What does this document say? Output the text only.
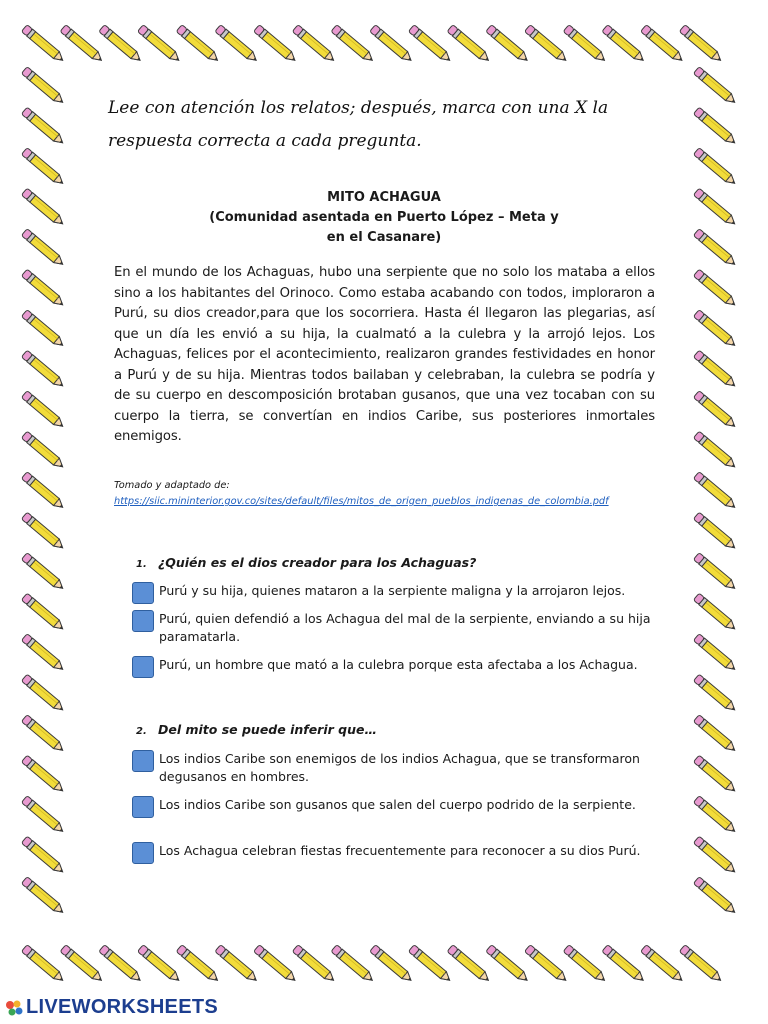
Lee con atención los relatos; después, marca con una X la
respuesta correcta a cada pregunta.
MITO ACHAGUA
(Comunidad asentada en Puerto López – Meta y
en el Casanare)
En el mundo de los Achaguas, hubo una serpiente que no solo los mataba a ellos sino a los habitantes del Orinoco. Como estaba acabando con todos, imploraron a Purú, su dios creador,para que los socorriera. Hasta él llegaron las plegarias, así que un día les envió a su hija, la cualmató a la culebra y la arrojó lejos. Los Achaguas, felices por el acontecimiento, realizaron grandes festividades en honor a Purú y de su hija. Mientras todos bailaban y celebraban, la culebra se podría y de su cuerpo en descomposición brotaban gusanos, que una vez tocaban con su cuerpo la tierra, se convertían en indios Caribe, sus posteriores inmortales enemigos.
Tomado y adaptado de:
https://siic.mininterior.gov.co/sites/default/files/mitos_de_origen_pueblos_indigenas_de_colombia.pdf
1. ¿Quién es el dios creador para los Achaguas?
Purú y su hija, quienes mataron a la serpiente maligna y la arrojaron lejos.
Purú, quien defendió a los Achagua del mal de la serpiente, enviando a su hija paramatarla.
Purú, un hombre que mató a la culebra porque esta afectaba a los Achagua.
2. Del mito se puede inferir que…
Los indios Caribe son enemigos de los indios Achagua, que se transformaron degusanos en hombres.
Los indios Caribe son gusanos que salen del cuerpo podrido de la serpiente.
Los Achagua celebran fiestas frecuentemente para reconocer a su dios Purú.
LIVEWORKSHEETS
